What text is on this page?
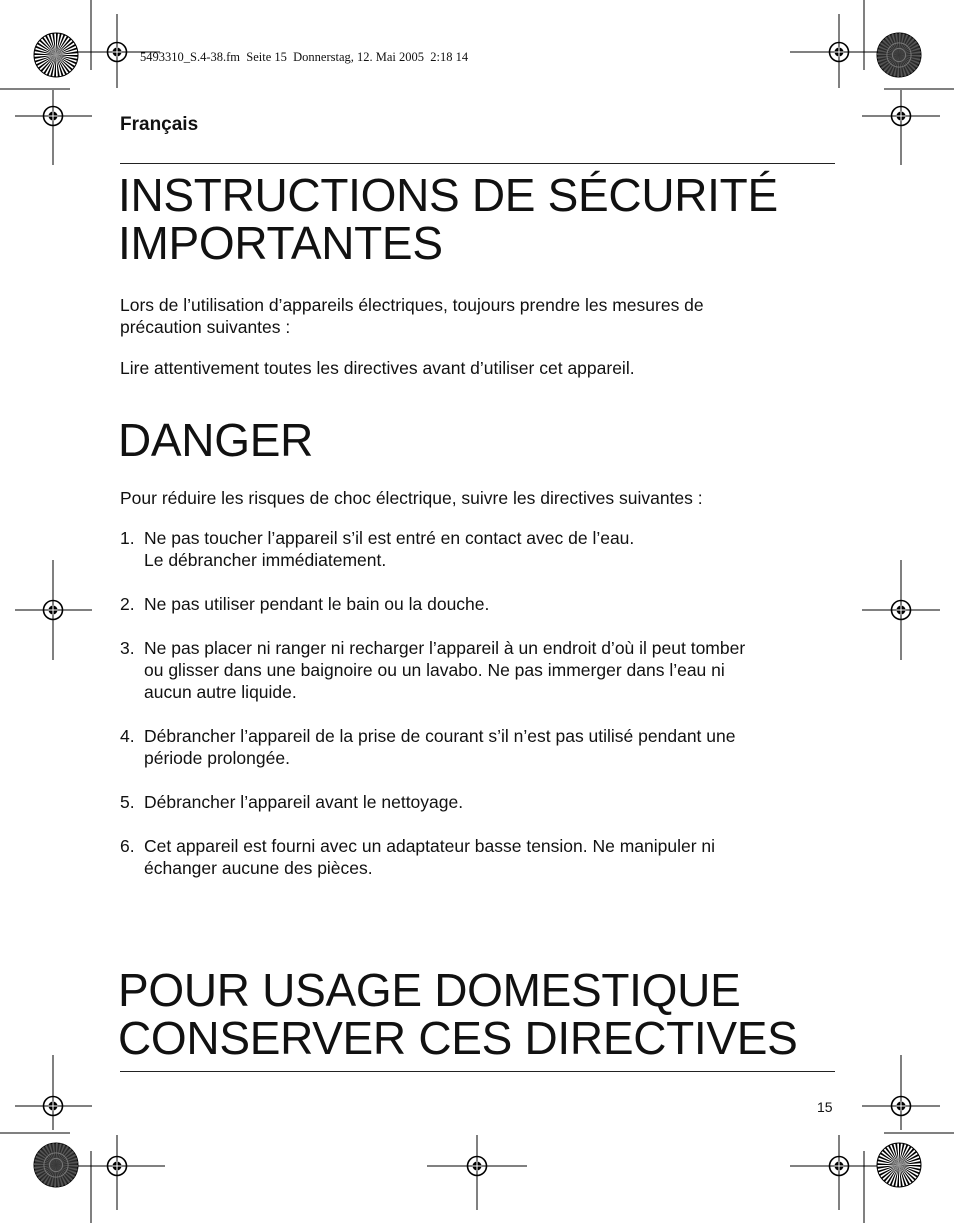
5493310_S.4-38.fm  Seite 15  Donnerstag, 12. Mai 2005  2:18 14
Français
INSTRUCTIONS DE SÉCURITÉ
IMPORTANTES

Lors de l’utilisation d’appareils électriques, toujours prendre les mesures de
précaution suivantes :

Lire attentivement toutes les directives avant d’utiliser cet appareil.

DANGER

Pour réduire les risques de choc électrique, suivre les directives suivantes :

1. Ne pas toucher l’appareil s’il est entré en contact avec de l’eau.
Le débrancher immédiatement.
2. Ne pas utiliser pendant le bain ou la douche.
3. Ne pas placer ni ranger ni recharger l’appareil à un endroit d’où il peut tomber
ou glisser dans une baignoire ou un lavabo. Ne pas immerger dans l’eau ni
aucun autre liquide.
4. Débrancher l’appareil de la prise de courant s’il n’est pas utilisé pendant une
période prolongée.
5. Débrancher l’appareil avant le nettoyage.
6. Cet appareil est fourni avec un adaptateur basse tension. Ne manipuler ni
échanger aucune des pièces.
POUR USAGE DOMESTIQUE
CONSERVER CES DIRECTIVES
15
